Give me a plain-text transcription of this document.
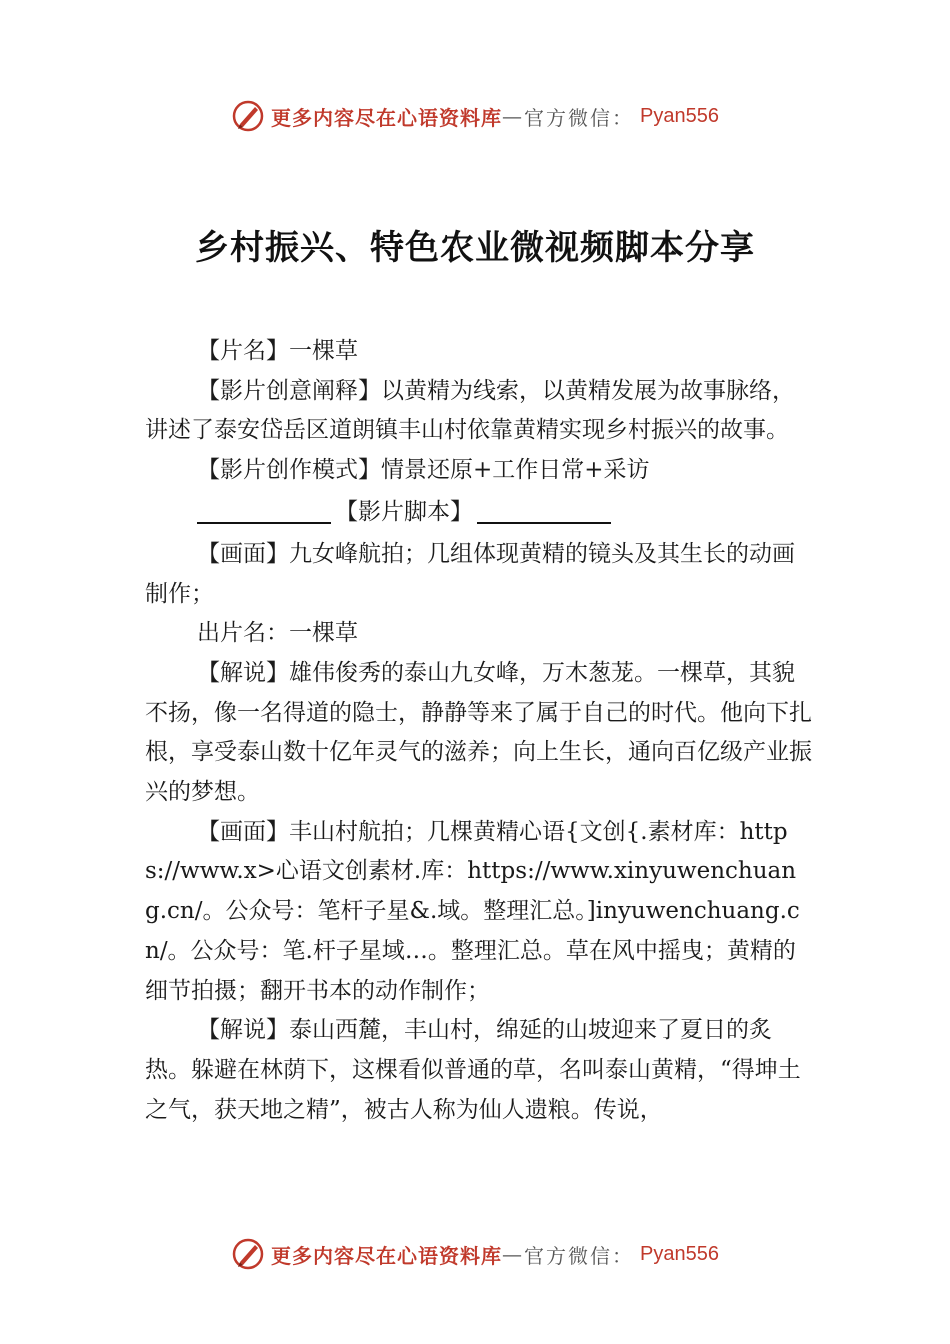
更多内容尽在心语资料库 — 官方微信： Pyan556
乡村振兴、特色农业微视频脚本分享

【片名】一棵草

【影片创意阐释】以黄精为线索，以黄精发展为故事脉络，讲述了泰安岱岳区道朗镇丰山村依靠黄精实现乡村振兴的故事。

【影片创作模式】情景还原+工作日常+采访

【影片脚本】

【画面】九女峰航拍；几组体现黄精的镜头及其生长的动画制作；

出片名：一棵草

【解说】雄伟俊秀的泰山九女峰，万木葱茏。一棵草，其貌不扬，像一名得道的隐士，静静等来了属于自己的时代。他向下扎根，享受泰山数十亿年灵气的滋养；向上生长，通向百亿级产业振兴的梦想。

【画面】丰山村航拍；几棵黄精心语{文创{.素材库：https://www.x>心语文创素材.库：https://www.xinyuwenchuang.cn/。公众号：笔杆子星&.域。整理汇总。]inyuwenchuang.cn/。公众号：笔.杆子星域…。整理汇总。草在风中摇曳；黄精的细节拍摄；翻开书本的动作制作；

【解说】泰山西麓，丰山村，绵延的山坡迎来了夏日的炙热。躲避在林荫下，这棵看似普通的草，名叫泰山黄精，“得坤土之气，获天地之精”，被古人称为仙人遗粮。传说，

更多内容尽在心语资料库 — 官方微信： Pyan556
